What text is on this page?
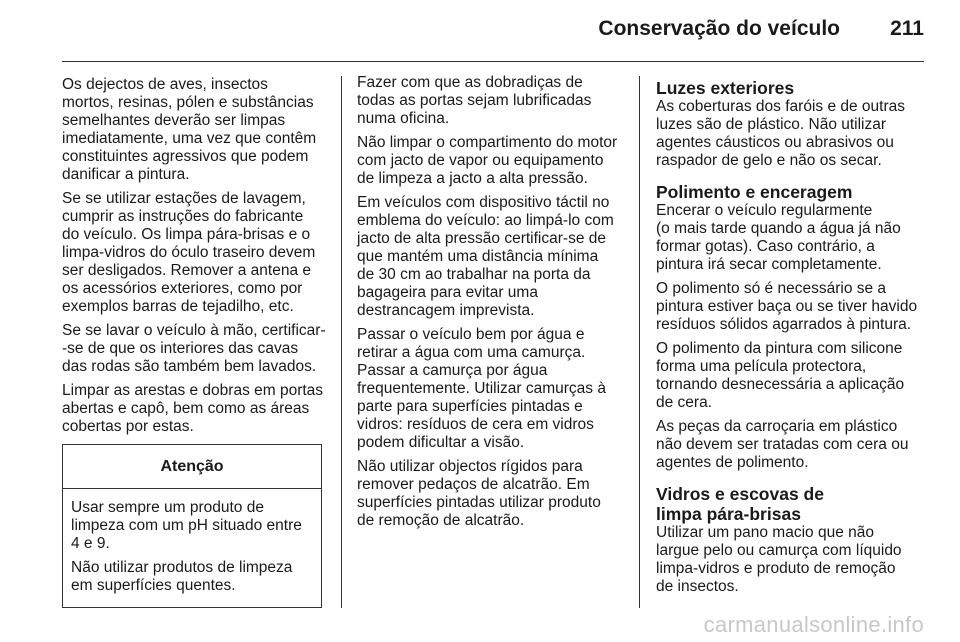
Conservação do veículo 211

Os dejectos de aves, insectos
mortos, resinas, pólen e substâncias
semelhantes deverão ser limpas
imediatamente, uma vez que contêm
constituintes agressivos que podem
danificar a pintura.

Se se utilizar estações de lavagem,
cumprir as instruções do fabricante
do veículo. Os limpa pára-brisas e o
limpa-vidros do óculo traseiro devem
ser desligados. Remover a antena e
os acessórios exteriores, como por
exemplos barras de tejadilho, etc.

Se se lavar o veículo à mão, certificar-
-se de que os interiores das cavas
das rodas são também bem lavados.

Limpar as arestas e dobras em portas
abertas e capô, bem como as áreas
cobertas por estas.

Atenção

Usar sempre um produto de
limpeza com um pH situado entre
4 e 9.

Não utilizar produtos de limpeza
em superfícies quentes.

Fazer com que as dobradiças de
todas as portas sejam lubrificadas
numa oficina.

Não limpar o compartimento do motor
com jacto de vapor ou equipamento
de limpeza a jacto a alta pressão.

Em veículos com dispositivo táctil no
emblema do veículo: ao limpá-lo com
jacto de alta pressão certificar-se de
que mantém uma distância mínima
de 30 cm ao trabalhar na porta da
bagageira para evitar uma
destrancagem imprevista.

Passar o veículo bem por água e
retirar a água com uma camurça.
Passar a camurça por água
frequentemente. Utilizar camurças à
parte para superfícies pintadas e
vidros: resíduos de cera em vidros
podem dificultar a visão.

Não utilizar objectos rígidos para
remover pedaços de alcatrão. Em
superfícies pintadas utilizar produto
de remoção de alcatrão.

Luzes exteriores

As coberturas dos faróis e de outras
luzes são de plástico. Não utilizar
agentes cáusticos ou abrasivos ou
raspador de gelo e não os secar.

Polimento e enceragem

Encerar o veículo regularmente
(o mais tarde quando a água já não
formar gotas). Caso contrário, a
pintura irá secar completamente.

O polimento só é necessário se a
pintura estiver baça ou se tiver havido
resíduos sólidos agarrados à pintura.

O polimento da pintura com silicone
forma uma película protectora,
tornando desnecessária a aplicação
de cera.

As peças da carroçaria em plástico
não devem ser tratadas com cera ou
agentes de polimento.

Vidros e escovas de
limpa pára-brisas

Utilizar um pano macio que não
largue pelo ou camurça com líquido
limpa-vidros e produto de remoção
de insectos.

carmanualsonline.info
